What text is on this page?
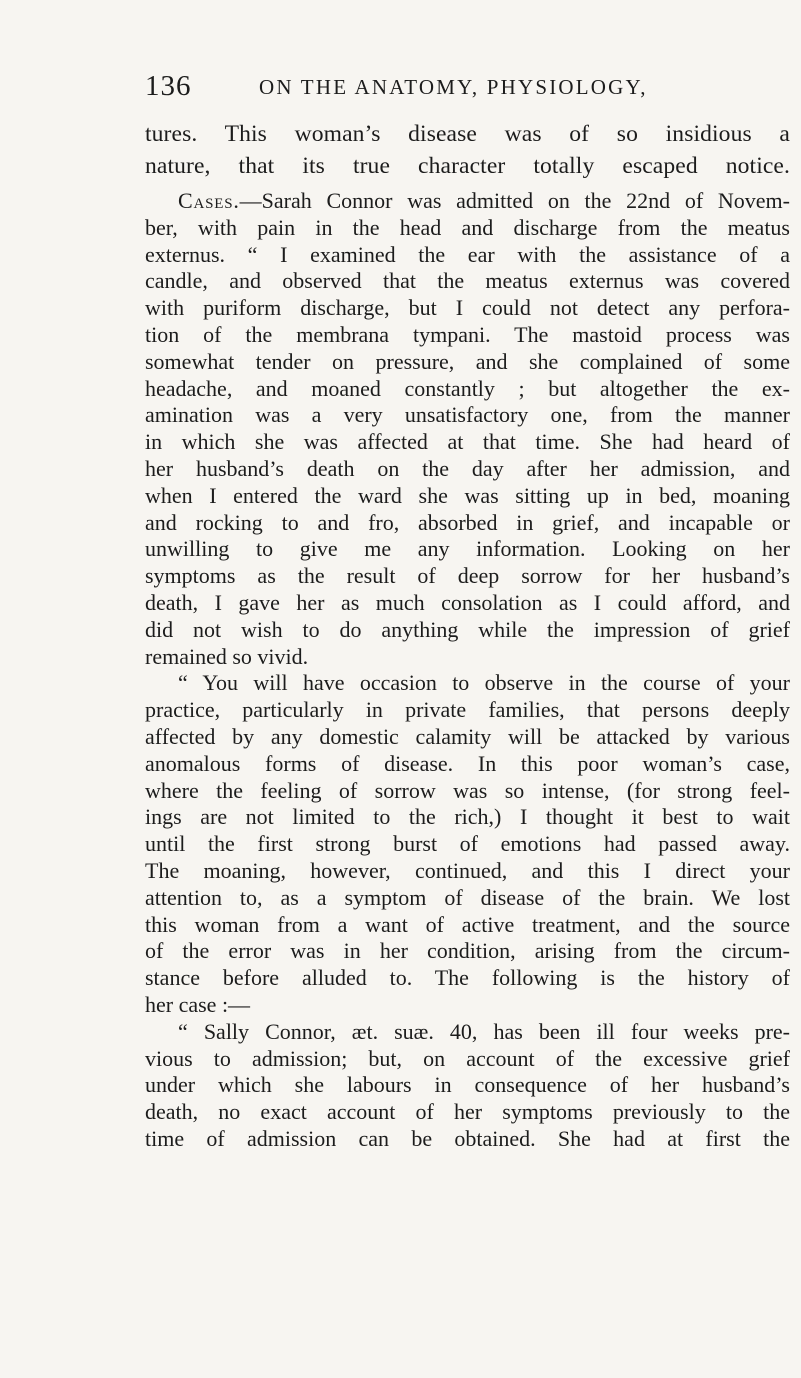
136	ON THE ANATOMY, PHYSIOLOGY,
tures. This woman’s disease was of so insidious a
nature, that its true character totally escaped notice.
Cases.—Sarah Connor was admitted on the 22nd of Novem-
ber, with pain in the head and discharge from the meatus
externus. “ I examined the ear with the assistance of a
candle, and observed that the meatus externus was covered
with puriform discharge, but I could not detect any perfora-
tion of the membrana tympani. The mastoid process was
somewhat tender on pressure, and she complained of some
headache, and moaned constantly ; but altogether the ex-
amination was a very unsatisfactory one, from the manner
in which she was affected at that time. She had heard of
her husband’s death on the day after her admission, and
when I entered the ward she was sitting up in bed, moaning
and rocking to and fro, absorbed in grief, and incapable or
unwilling to give me any information. Looking on her
symptoms as the result of deep sorrow for her husband’s
death, I gave her as much consolation as I could afford, and
did not wish to do anything while the impression of grief
remained so vivid.
“ You will have occasion to observe in the course of your
practice, particularly in private families, that persons deeply
affected by any domestic calamity will be attacked by various
anomalous forms of disease. In this poor woman’s case,
where the feeling of sorrow was so intense, (for strong feel-
ings are not limited to the rich,) I thought it best to wait
until the first strong burst of emotions had passed away.
The moaning, however, continued, and this I direct your
attention to, as a symptom of disease of the brain. We lost
this woman from a want of active treatment, and the source
of the error was in her condition, arising from the circum-
stance before alluded to. The following is the history of
her case :—
“ Sally Connor, æt. suæ. 40, has been ill four weeks pre-
vious to admission; but, on account of the excessive grief
under which she labours in consequence of her husband’s
death, no exact account of her symptoms previously to the
time of admission can be obtained. She had at first the
